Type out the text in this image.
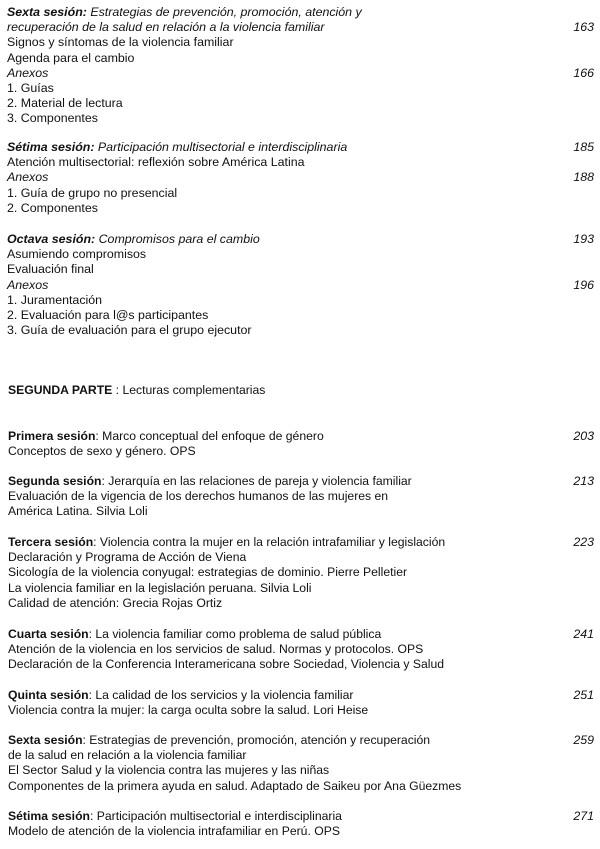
Sexta sesión: Estrategias de prevención, promoción, atención y
recuperación de la salud en relación a la violencia familiar	163
Signos y síntomas de la violencia familiar
Agenda para el cambio
Anexos	166
1. Guías
2. Material de lectura
3. Componentes
Sétima sesión: Participación multisectorial e interdisciplinaria	185
Atención multisectorial: reflexión sobre América Latina
Anexos	188
1. Guía de grupo no presencial
2. Componentes
Octava sesión: Compromisos para el cambio	193
Asumiendo compromisos
Evaluación final
Anexos	196
1. Juramentación
2. Evaluación para l@s participantes
3. Guía de evaluación para el grupo ejecutor
SEGUNDA PARTE : Lecturas complementarias
Primera sesión: Marco conceptual del enfoque de género	203
Conceptos de sexo y género. OPS
Segunda sesión: Jerarquía en las relaciones de pareja y violencia familiar	213
Evaluación de la vigencia de los derechos humanos de las mujeres en
América Latina. Silvia Loli
Tercera sesión: Violencia contra la mujer en la relación intrafamiliar y legislación	223
Declaración y Programa de Acción de Viena
Sicología de la violencia conyugal: estrategias de dominio. Pierre Pelletier
La violencia familiar en la legislación peruana. Silvia Loli
Calidad de atención: Grecia Rojas Ortiz
Cuarta sesión: La violencia familiar como problema de salud pública	241
Atención de la violencia en los servicios de salud. Normas y protocolos. OPS
Declaración de la Conferencia Interamericana sobre Sociedad, Violencia y Salud
Quinta sesión: La calidad de los servicios y la violencia familiar	251
Violencia contra la mujer: la carga oculta sobre la salud. Lori Heise
Sexta sesión: Estrategias de prevención, promoción, atención y recuperación	259
de la salud en relación a la violencia familiar
El Sector Salud y la violencia contra las mujeres y las niñas
Componentes de la primera ayuda en salud. Adaptado de Saikeu por Ana Güezmes
Sétima sesión: Participación multisectorial e interdisciplinaria	271
Modelo de atención de la violencia intrafamiliar en Perú. OPS
